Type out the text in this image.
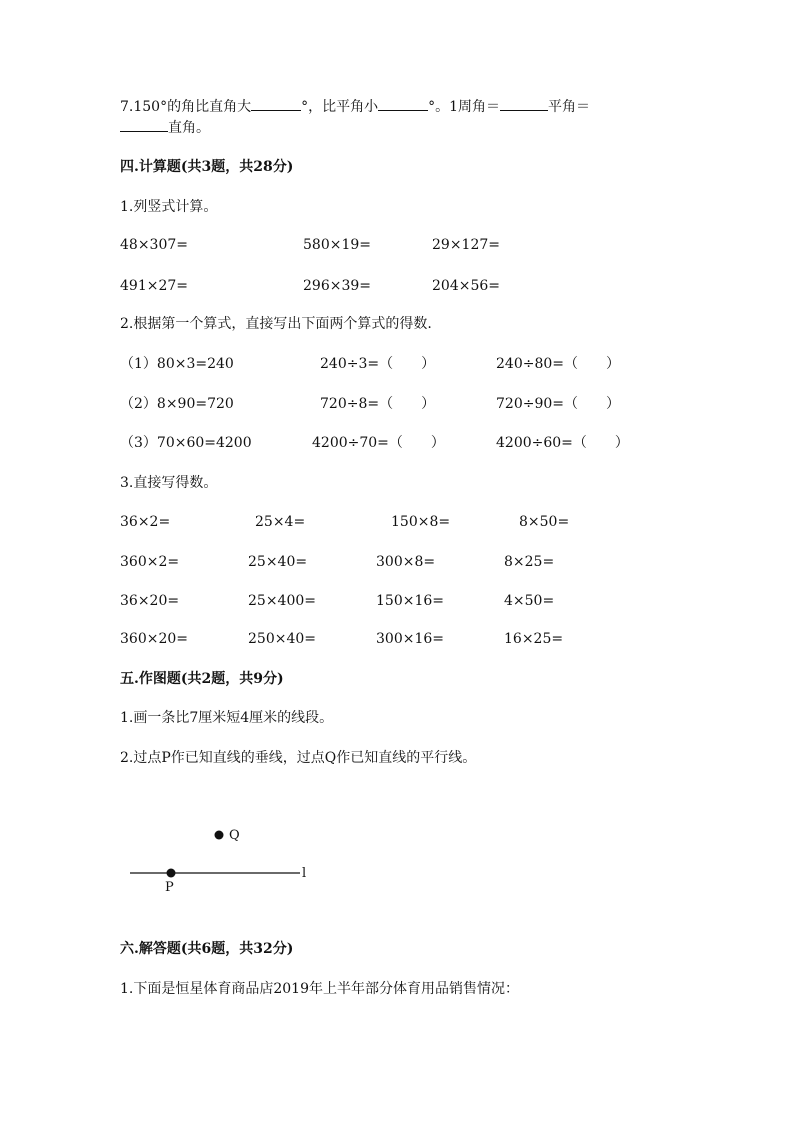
7.150°的角比直角大	°，比平角小	°。1周角＝	平角＝
直角。
四.计算题(共3题，共28分)
1.列竖式计算。
48×307=	580×19=	29×127=
491×27=	296×39=	204×56=
2.根据第一个算式，直接写出下面两个算式的得数.
（1）80×3=240	240÷3=（　　）	240÷80=（　　）
（2）8×90=720	720÷8=（　　）	720÷90=（　　）
（3）70×60=4200	4200÷70=（　　）	4200÷60=（　　）
3.直接写得数。
36×2=	25×4=	150×8=	8×50=
360×2=	25×40=	300×8=	8×25=
36×20=	25×400=	150×16=	4×50=
360×20=	250×40=	300×16=	16×25=
五.作图题(共2题，共9分)
1.画一条比7厘米短4厘米的线段。
2.过点P作已知直线的垂线，过点Q作已知直线的平行线。
Q
P
l
六.解答题(共6题，共32分)
1.下面是恒星体育商品店2019年上半年部分体育用品销售情况：
